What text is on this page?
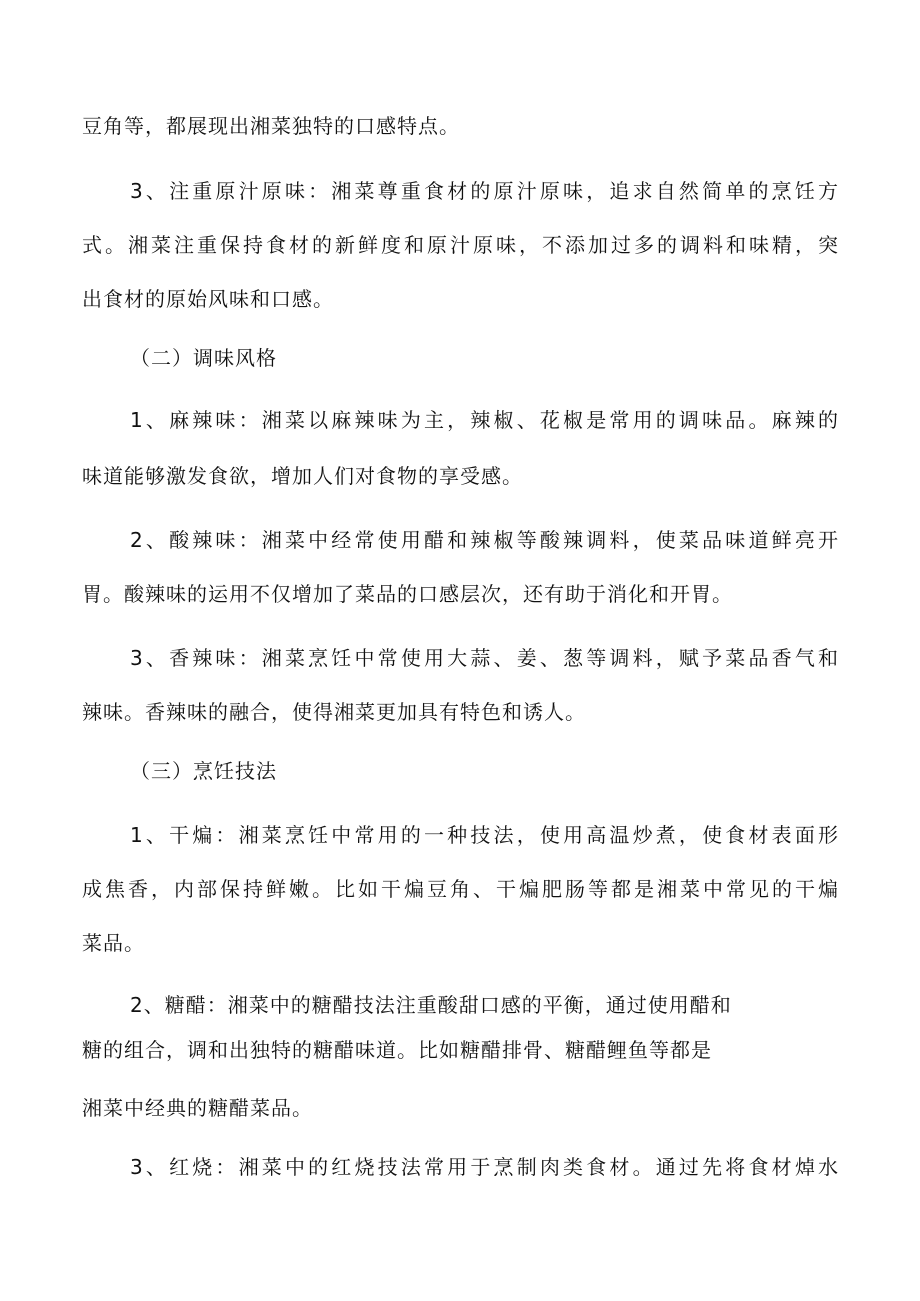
豆角等，都展现出湘菜独特的口感特点。
3、注重原汁原味：湘菜尊重食材的原汁原味，追求自然简单的烹饪方
式。湘菜注重保持食材的新鲜度和原汁原味，不添加过多的调料和味精，突
出食材的原始风味和口感。
（二）调味风格
1、麻辣味：湘菜以麻辣味为主，辣椒、花椒是常用的调味品。麻辣的
味道能够激发食欲，增加人们对食物的享受感。
2、酸辣味：湘菜中经常使用醋和辣椒等酸辣调料，使菜品味道鲜亮开
胃。酸辣味的运用不仅增加了菜品的口感层次，还有助于消化和开胃。
3、香辣味：湘菜烹饪中常使用大蒜、姜、葱等调料，赋予菜品香气和
辣味。香辣味的融合，使得湘菜更加具有特色和诱人。
（三）烹饪技法
1、干煸：湘菜烹饪中常用的一种技法，使用高温炒煮，使食材表面形
成焦香，内部保持鲜嫩。比如干煸豆角、干煸肥肠等都是湘菜中常见的干煸
菜品。
2、糖醋：湘菜中的糖醋技法注重酸甜口感的平衡，通过使用醋和
糖的组合，调和出独特的糖醋味道。比如糖醋排骨、糖醋鲤鱼等都是
湘菜中经典的糖醋菜品。
3、红烧：湘菜中的红烧技法常用于烹制肉类食材。通过先将食材焯水
